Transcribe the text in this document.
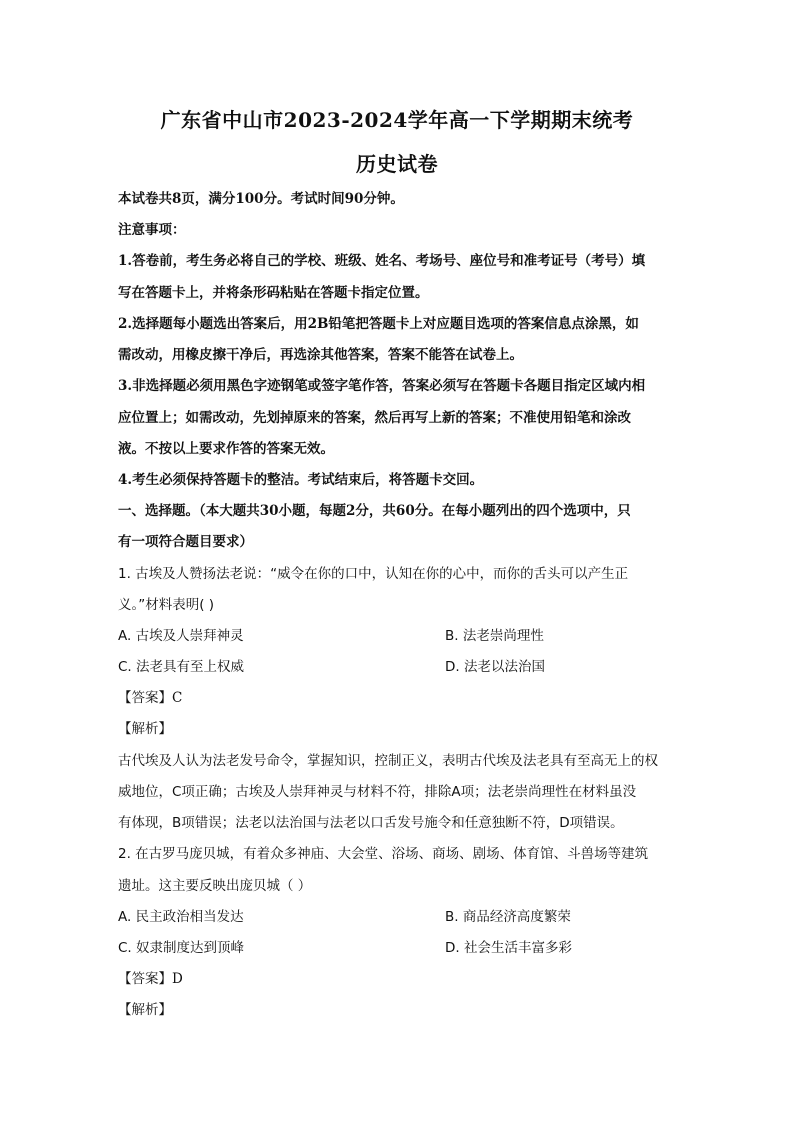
广东省中山市2023-2024学年高一下学期期末统考
历史试卷
本试卷共8页，满分100分。考试时间90分钟。
注意事项：
1.答卷前，考生务必将自己的学校、班级、姓名、考场号、座位号和准考证号（考号）填
写在答题卡上，并将条形码粘贴在答题卡指定位置。
2.选择题每小题选出答案后，用2B铅笔把答题卡上对应题目选项的答案信息点涂黑，如
需改动，用橡皮擦干净后，再选涂其他答案，答案不能答在试卷上。
3.非选择题必须用黑色字迹钢笔或签字笔作答，答案必须写在答题卡各题目指定区域内相
应位置上；如需改动，先划掉原来的答案，然后再写上新的答案；不准使用铅笔和涂改
液。不按以上要求作答的答案无效。
4.考生必须保持答题卡的整洁。考试结束后，将答题卡交回。
一、选择题。（本大题共30小题，每题2分，共60分。在每小题列出的四个选项中，只
有一项符合题目要求）
1. 古埃及人赞扬法老说：“威令在你的口中，认知在你的心中，而你的舌头可以产生正
义。”材料表明( )
A. 古埃及人崇拜神灵	B. 法老崇尚理性
C. 法老具有至上权威	D. 法老以法治国
【答案】C
【解析】
古代埃及人认为法老发号命令，掌握知识，控制正义，表明古代埃及法老具有至高无上的权
威地位，C项正确；古埃及人崇拜神灵与材料不符，排除A项；法老崇尚理性在材料虽没
有体现，B项错误；法老以法治国与法老以口舌发号施令和任意独断不符，D项错误。
2. 在古罗马庞贝城，有着众多神庙、大会堂、浴场、商场、剧场、体育馆、斗兽场等建筑
遗址。这主要反映出庞贝城（ ）
A. 民主政治相当发达	B. 商品经济高度繁荣
C. 奴隶制度达到顶峰	D. 社会生活丰富多彩
【答案】D
【解析】
